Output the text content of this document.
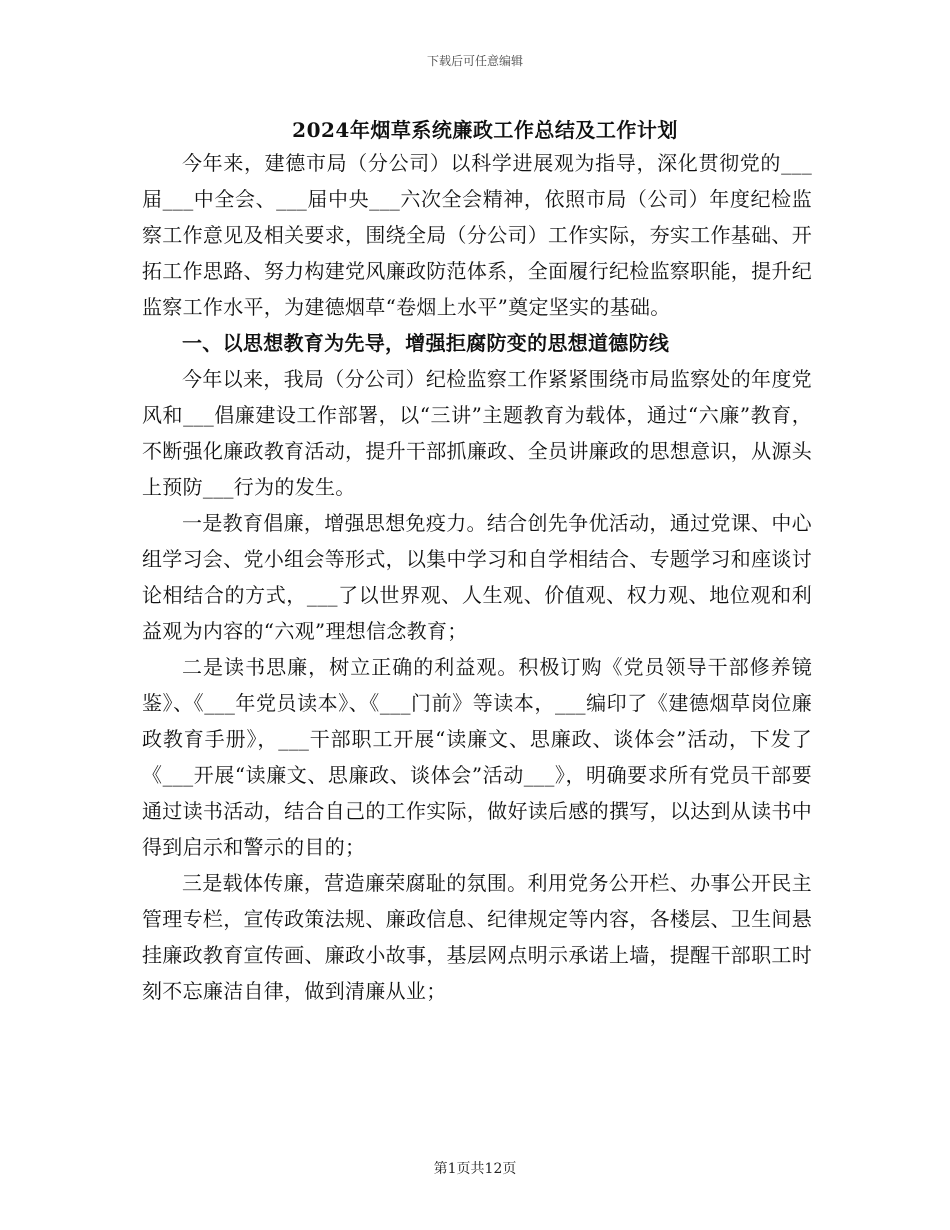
下载后可任意编辑
2024年烟草系统廉政工作总结及工作计划

今年来，建德市局（分公司）以科学进展观为指导，深化贯彻党的___届___中全会、___届中央___六次全会精神，依照市局（公司）年度纪检监察工作意见及相关要求，围绕全局（分公司）工作实际，夯实工作基础、开拓工作思路、努力构建党风廉政防范体系，全面履行纪检监察职能，提升纪监察工作水平，为建德烟草“卷烟上水平”奠定坚实的基础。

一、以思想教育为先导，增强拒腐防变的思想道德防线

今年以来，我局（分公司）纪检监察工作紧紧围绕市局监察处的年度党风和___倡廉建设工作部署，以“三讲”主题教育为载体，通过“六廉”教育，不断强化廉政教育活动，提升干部抓廉政、全员讲廉政的思想意识，从源头上预防___行为的发生。

一是教育倡廉，增强思想免疫力。结合创先争优活动，通过党课、中心组学习会、党小组会等形式，以集中学习和自学相结合、专题学习和座谈讨论相结合的方式，___了以世界观、人生观、价值观、权力观、地位观和利益观为内容的“六观”理想信念教育；

二是读书思廉，树立正确的利益观。积极订购《党员领导干部修养镜鉴》、《___年党员读本》、《___门前》等读本，___编印了《建德烟草岗位廉政教育手册》，___干部职工开展“读廉文、思廉政、谈体会”活动，下发了《___开展“读廉文、思廉政、谈体会”活动___》，明确要求所有党员干部要通过读书活动，结合自己的工作实际，做好读后感的撰写，以达到从读书中得到启示和警示的目的；

三是载体传廉，营造廉荣腐耻的氛围。利用党务公开栏、办事公开民主管理专栏，宣传政策法规、廉政信息、纪律规定等内容，各楼层、卫生间悬挂廉政教育宣传画、廉政小故事，基层网点明示承诺上墙，提醒干部职工时刻不忘廉洁自律，做到清廉从业；

第1页共12页
